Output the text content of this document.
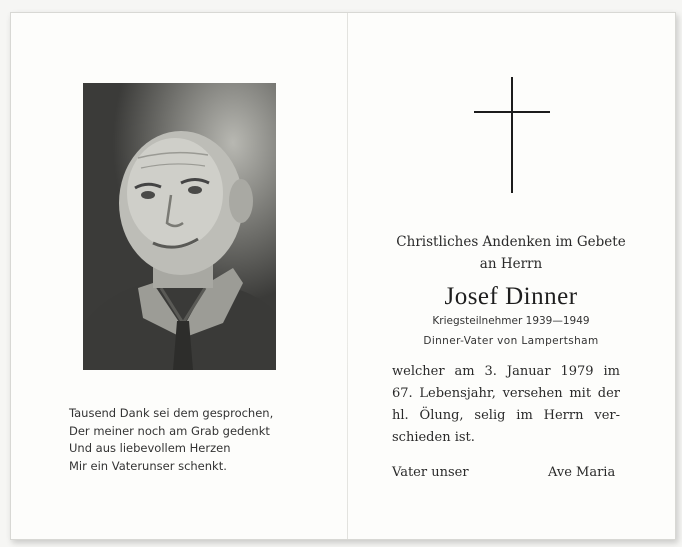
Tausend Dank sei dem gesprochen,
Der meiner noch am Grab gedenkt
Und aus liebevollem Herzen
Mir ein Vaterunser schenkt.
Christliches Andenken im Gebete
an Herrn
Josef Dinner
Kriegsteilnehmer 1939—1949
Dinner-Vater von Lampertsham
welcher am 3. Januar 1979 im
67. Lebensjahr, versehen mit der
hl. Ölung, selig im Herrn ver-
schieden ist.
Vater unser	Ave Maria
